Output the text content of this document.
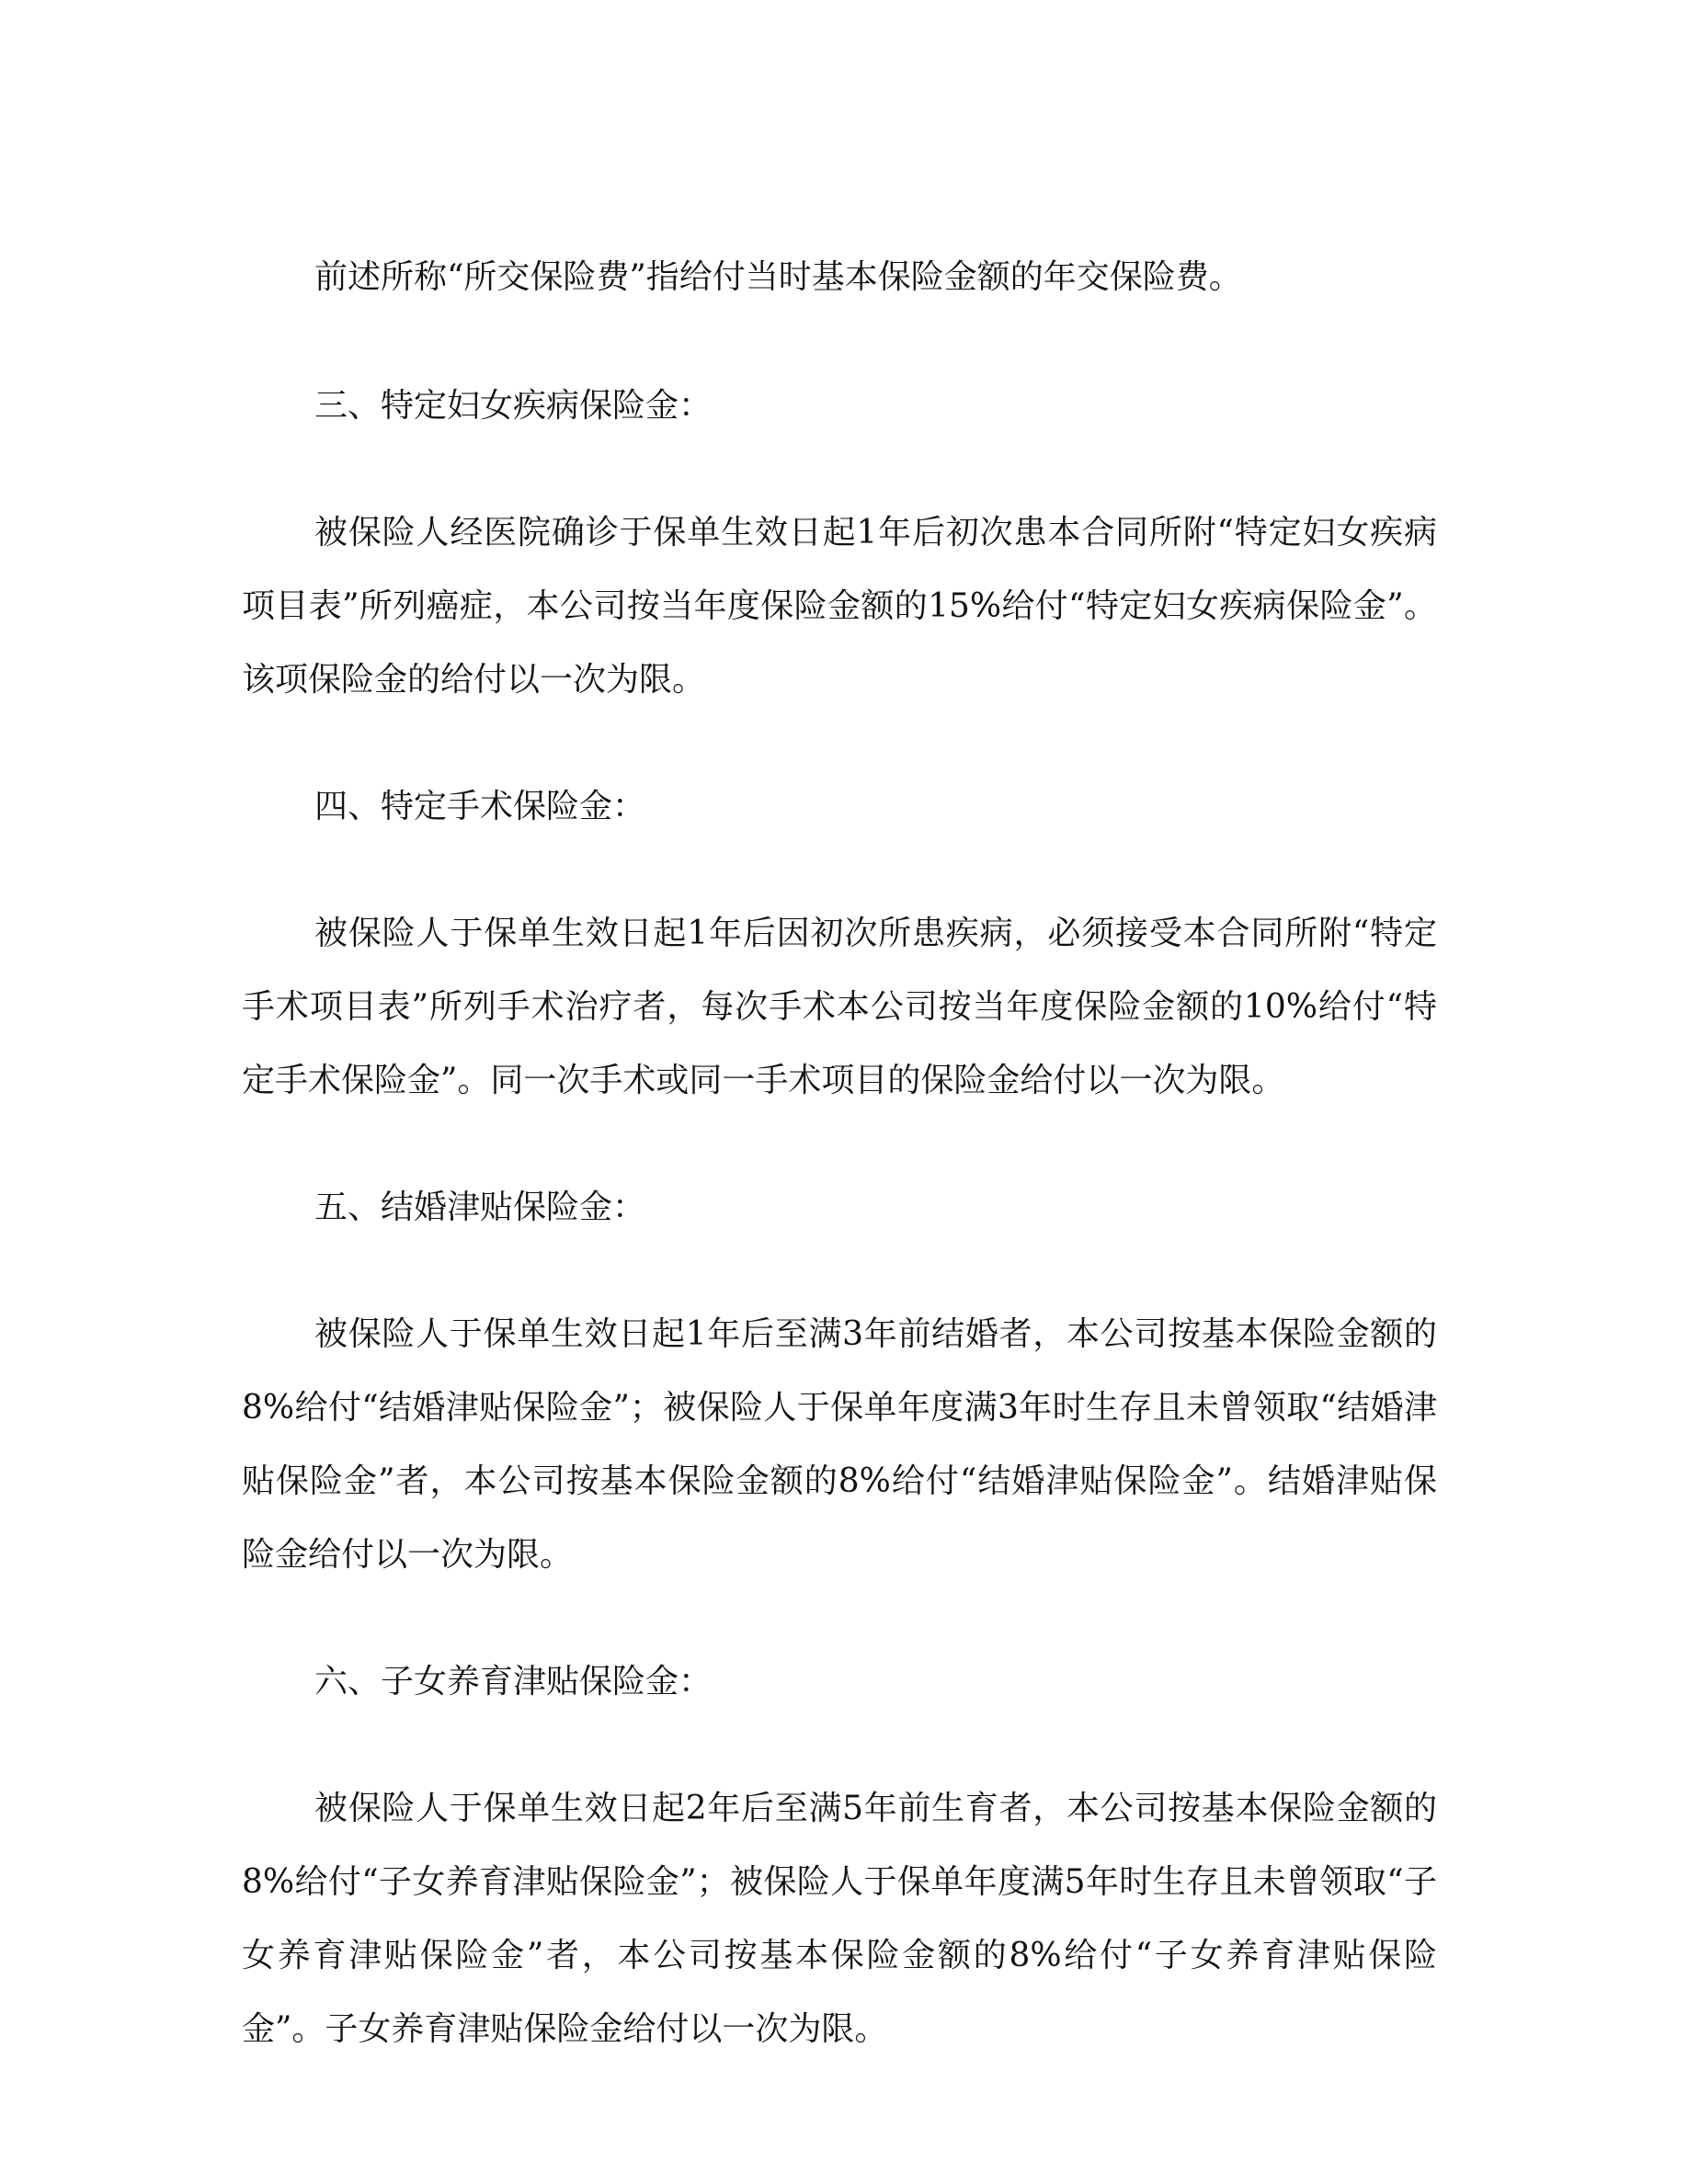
前述所称“所交保险费”指给付当时基本保险金额的年交保险费。

三、特定妇女疾病保险金：

被保险人经医院确诊于保单生效日起1年后初次患本合同所附“特定妇女疾病项目表”所列癌症，本公司按当年度保险金额的15%给付“特定妇女疾病保险金”。该项保险金的给付以一次为限。

四、特定手术保险金：

被保险人于保单生效日起1年后因初次所患疾病，必须接受本合同所附“特定手术项目表”所列手术治疗者，每次手术本公司按当年度保险金额的10%给付“特定手术保险金”。同一次手术或同一手术项目的保险金给付以一次为限。

五、结婚津贴保险金：

被保险人于保单生效日起1年后至满3年前结婚者，本公司按基本保险金额的8%给付“结婚津贴保险金”；被保险人于保单年度满3年时生存且未曾领取“结婚津贴保险金”者，本公司按基本保险金额的8%给付“结婚津贴保险金”。结婚津贴保险金给付以一次为限。

六、子女养育津贴保险金：

被保险人于保单生效日起2年后至满5年前生育者，本公司按基本保险金额的8%给付“子女养育津贴保险金”；被保险人于保单年度满5年时生存且未曾领取“子女养育津贴保险金”者，本公司按基本保险金额的8%给付“子女养育津贴保险金”。子女养育津贴保险金给付以一次为限。
